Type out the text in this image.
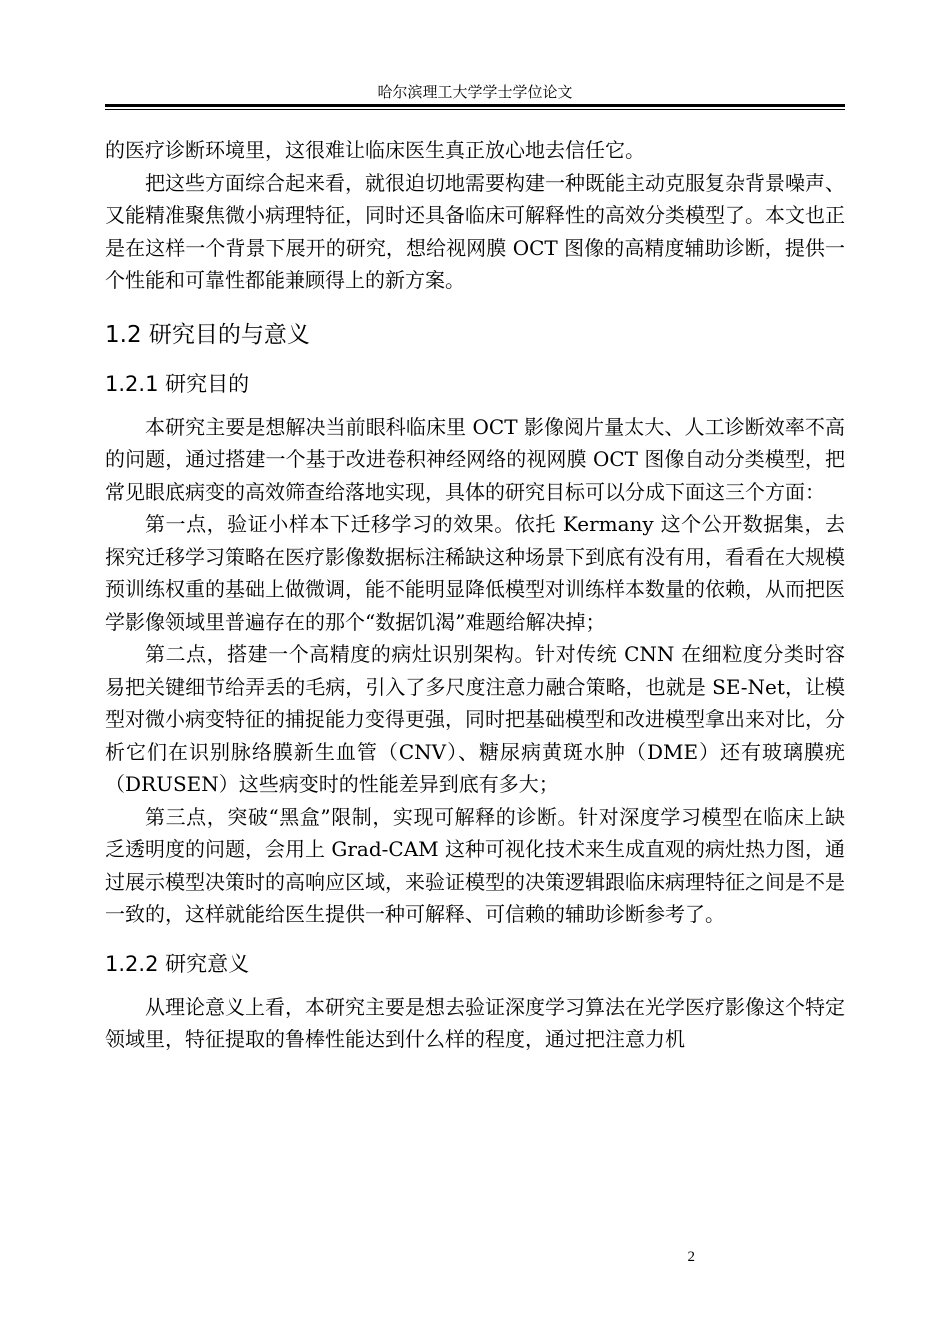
哈尔滨理工大学学士学位论文

的医疗诊断环境里，这很难让临床医生真正放心地去信任它。

把这些方面综合起来看，就很迫切地需要构建一种既能主动克服复杂背景噪声、又能精准聚焦微小病理特征，同时还具备临床可解释性的高效分类模型了。本文也正是在这样一个背景下展开的研究，想给视网膜 OCT 图像的高精度辅助诊断，提供一个性能和可靠性都能兼顾得上的新方案。

1.2 研究目的与意义
1.2.1 研究目的

本研究主要是想解决当前眼科临床里 OCT 影像阅片量太大、人工诊断效率不高的问题，通过搭建一个基于改进卷积神经网络的视网膜 OCT 图像自动分类模型，把常见眼底病变的高效筛查给落地实现，具体的研究目标可以分成下面这三个方面：

第一点，验证小样本下迁移学习的效果。依托 Kermany 这个公开数据集，去探究迁移学习策略在医疗影像数据标注稀缺这种场景下到底有没有用，看看在大规模预训练权重的基础上做微调，能不能明显降低模型对训练样本数量的依赖，从而把医学影像领域里普遍存在的那个“数据饥渴”难题给解决掉；

第二点，搭建一个高精度的病灶识别架构。针对传统 CNN 在细粒度分类时容易把关键细节给弄丢的毛病，引入了多尺度注意力融合策略，也就是 SE-Net，让模型对微小病变特征的捕捉能力变得更强，同时把基础模型和改进模型拿出来对比，分析它们在识别脉络膜新生血管（CNV）、糖尿病黄斑水肿（DME）还有玻璃膜疣（DRUSEN）这些病变时的性能差异到底有多大；

第三点，突破“黑盒”限制，实现可解释的诊断。针对深度学习模型在临床上缺乏透明度的问题，会用上 Grad-CAM 这种可视化技术来生成直观的病灶热力图，通过展示模型决策时的高响应区域，来验证模型的决策逻辑跟临床病理特征之间是不是一致的，这样就能给医生提供一种可解释、可信赖的辅助诊断参考了。

1.2.2 研究意义

从理论意义上看，本研究主要是想去验证深度学习算法在光学医疗影像这个特定领域里，特征提取的鲁棒性能达到什么样的程度，通过把注意力机

2
